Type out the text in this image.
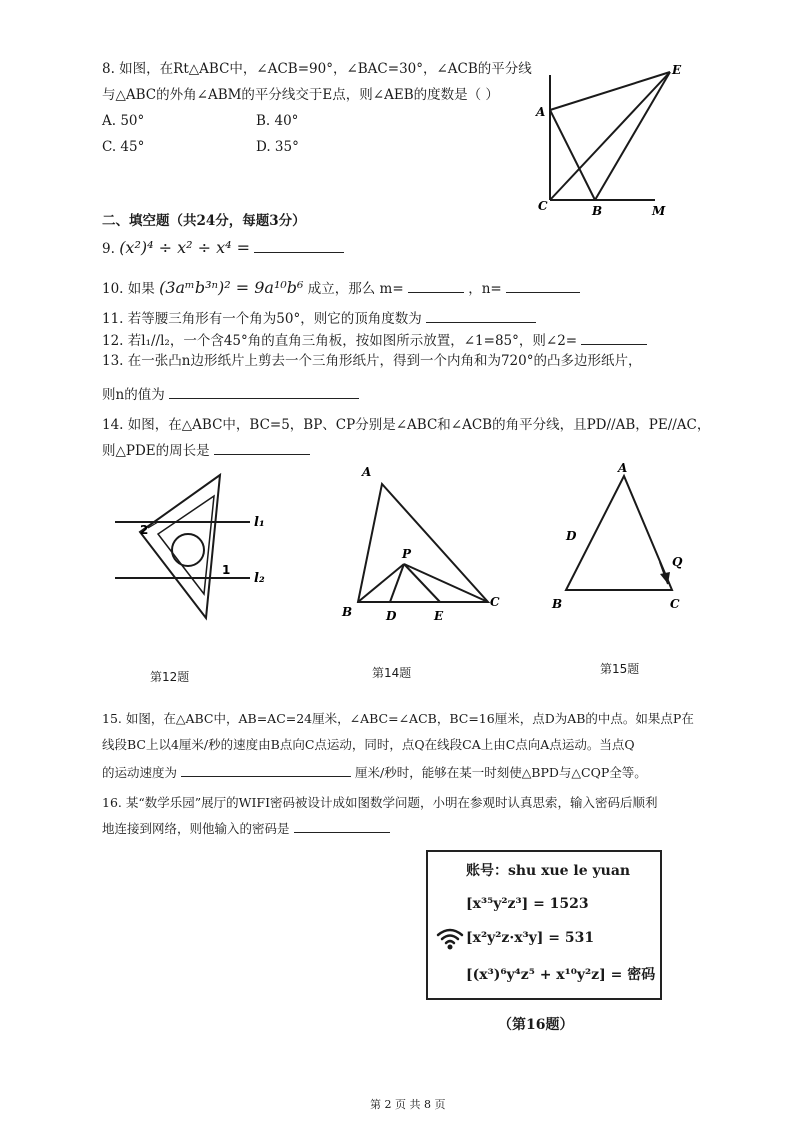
8. 如图，在Rt△ABC中，∠ACB=90°，∠BAC=30°，∠ACB的平分线
与△ABC的外角∠ABM的平分线交于E点，则∠AEB的度数是（ ）
A. 50°	B. 40°
C. 45°	D. 35°
A
E
C	B	M
二、填空题（共24分，每题3分）
9. (x²)⁴ ÷ x² ÷ x⁴ =
10. 如果 (3aᵐb³ⁿ)² = 9a¹⁰b⁶ 成立，那么 m=	，n=
11. 若等腰三角形有一个角为50°，则它的顶角度数为
12. 若l₁//l₂，一个含45°角的直角三角板，按如图所示放置，∠1=85°，则∠2=
13. 在一张凸n边形纸片上剪去一个三角形纸片，得到一个内角和为720°的凸多边形纸片，
则n的值为
14. 如图，在△ABC中，BC=5，BP、CP分别是∠ABC和∠ACB的角平分线，且PD//AB，PE//AC，
则△PDE的周长是
l₁
l₂
1
2
第12题
A
P
B	D	E
C
第14题
A
D
Q
B	C
第15题
15. 如图，在△ABC中，AB=AC=24厘米，∠ABC=∠ACB，BC=16厘米，点D为AB的中点。如果点P在
线段BC上以4厘米/秒的速度由B点向C点运动，同时，点Q在线段CA上由C点向A点运动。当点Q
的运动速度为	厘米/秒时，能够在某一时刻使△BPD与△CQP全等。
16. 某“数学乐园”展厅的WIFI密码被设计成如图数学问题，小明在参观时认真思索，输入密码后顺利
地连接到网络，则他输入的密码是
账号：shu xue le yuan
[x³⁵y²z³] = 1523
[x²y²z·x³y] = 531
[(x³)⁶y⁴z⁵ + x¹⁰y²z] = 密码
（第16题）
第 2 页 共 8 页
